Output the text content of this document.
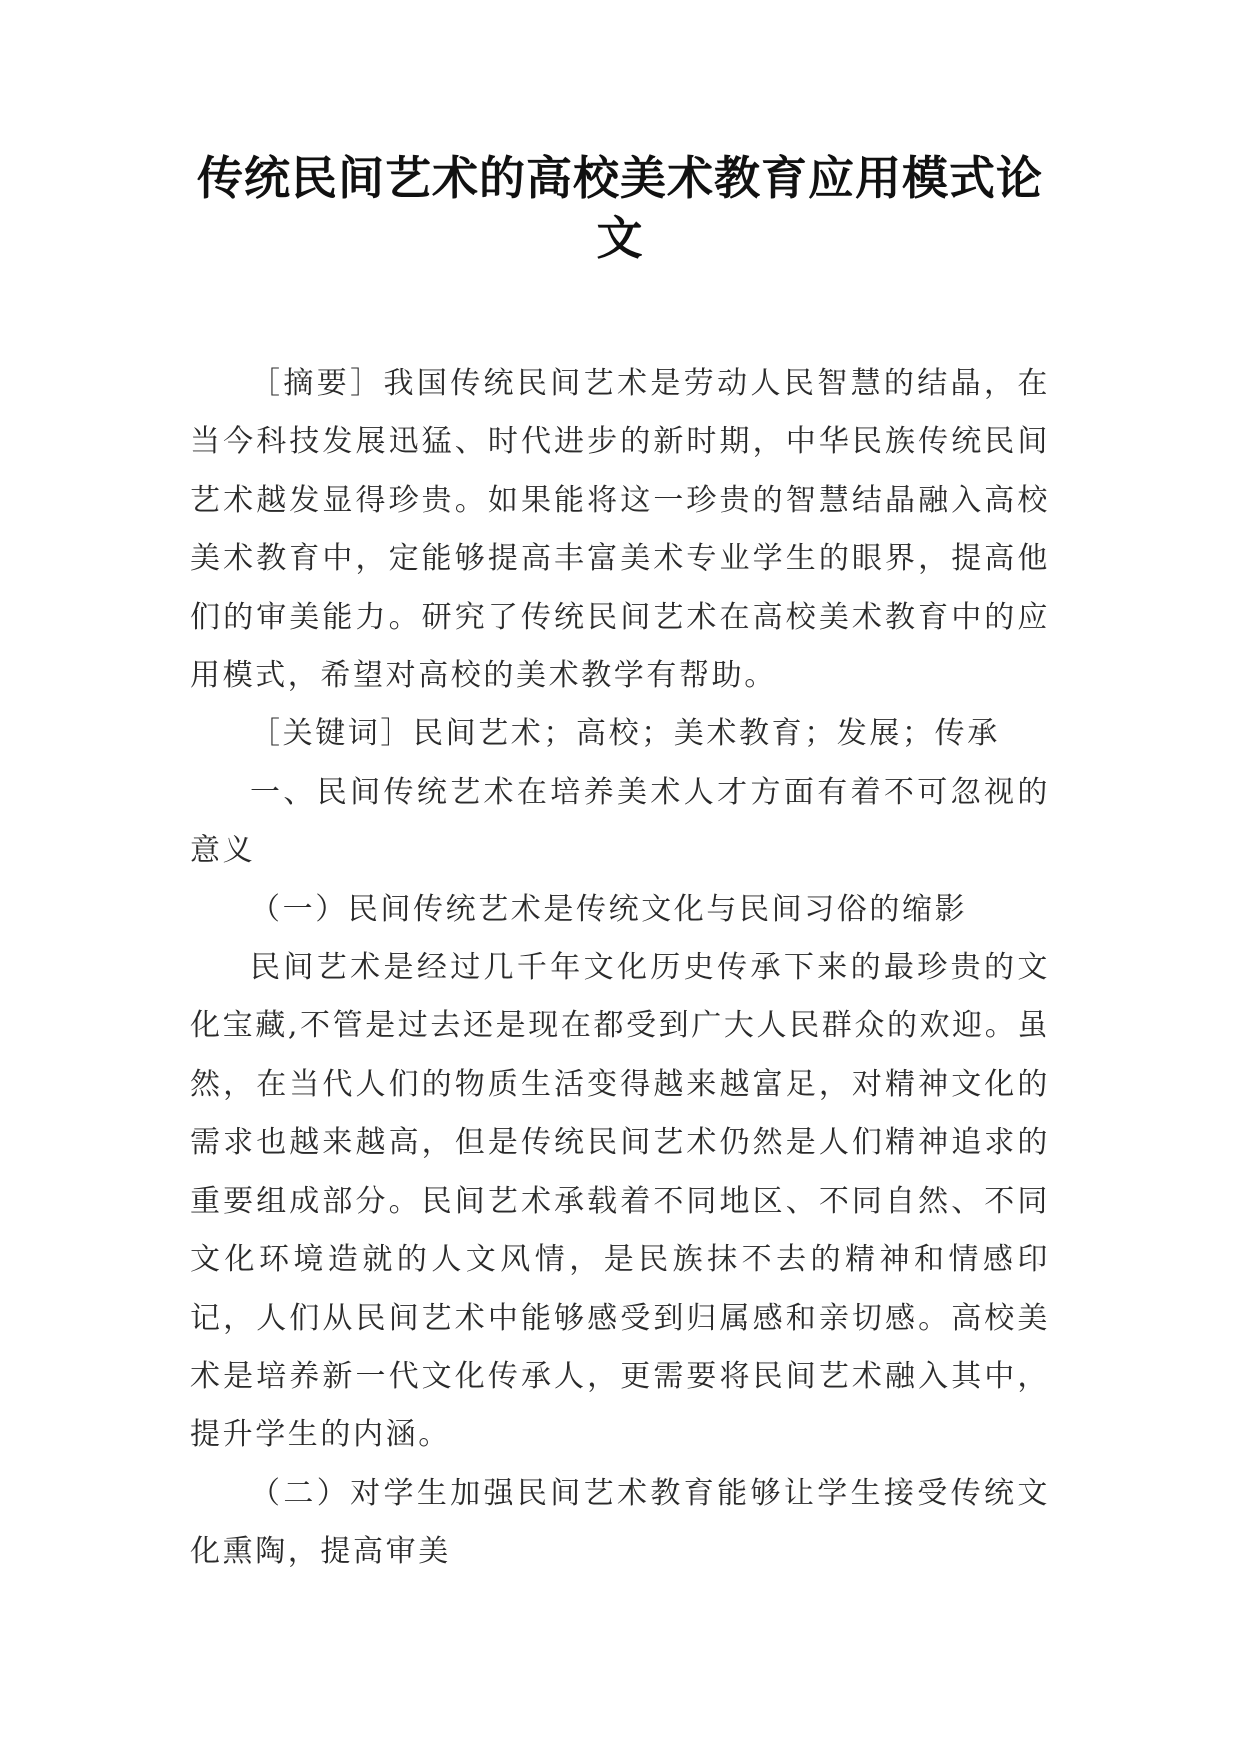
传统民间艺术的高校美术教育应用模式论文

［摘要］我国传统民间艺术是劳动人民智慧的结晶，在当今科技发展迅猛、时代进步的新时期，中华民族传统民间艺术越发显得珍贵。如果能将这一珍贵的智慧结晶融入高校美术教育中，定能够提高丰富美术专业学生的眼界，提高他们的审美能力。研究了传统民间艺术在高校美术教育中的应用模式，希望对高校的美术教学有帮助。

［关键词］民间艺术；高校；美术教育；发展；传承

一、民间传统艺术在培养美术人才方面有着不可忽视的意义

（一）民间传统艺术是传统文化与民间习俗的缩影

民间艺术是经过几千年文化历史传承下来的最珍贵的文化宝藏,不管是过去还是现在都受到广大人民群众的欢迎。虽然，在当代人们的物质生活变得越来越富足，对精神文化的需求也越来越高，但是传统民间艺术仍然是人们精神追求的重要组成部分。民间艺术承载着不同地区、不同自然、不同文化环境造就的人文风情，是民族抹不去的精神和情感印记，人们从民间艺术中能够感受到归属感和亲切感。高校美术是培养新一代文化传承人，更需要将民间艺术融入其中，提升学生的内涵。

（二）对学生加强民间艺术教育能够让学生接受传统文化熏陶，提高审美
